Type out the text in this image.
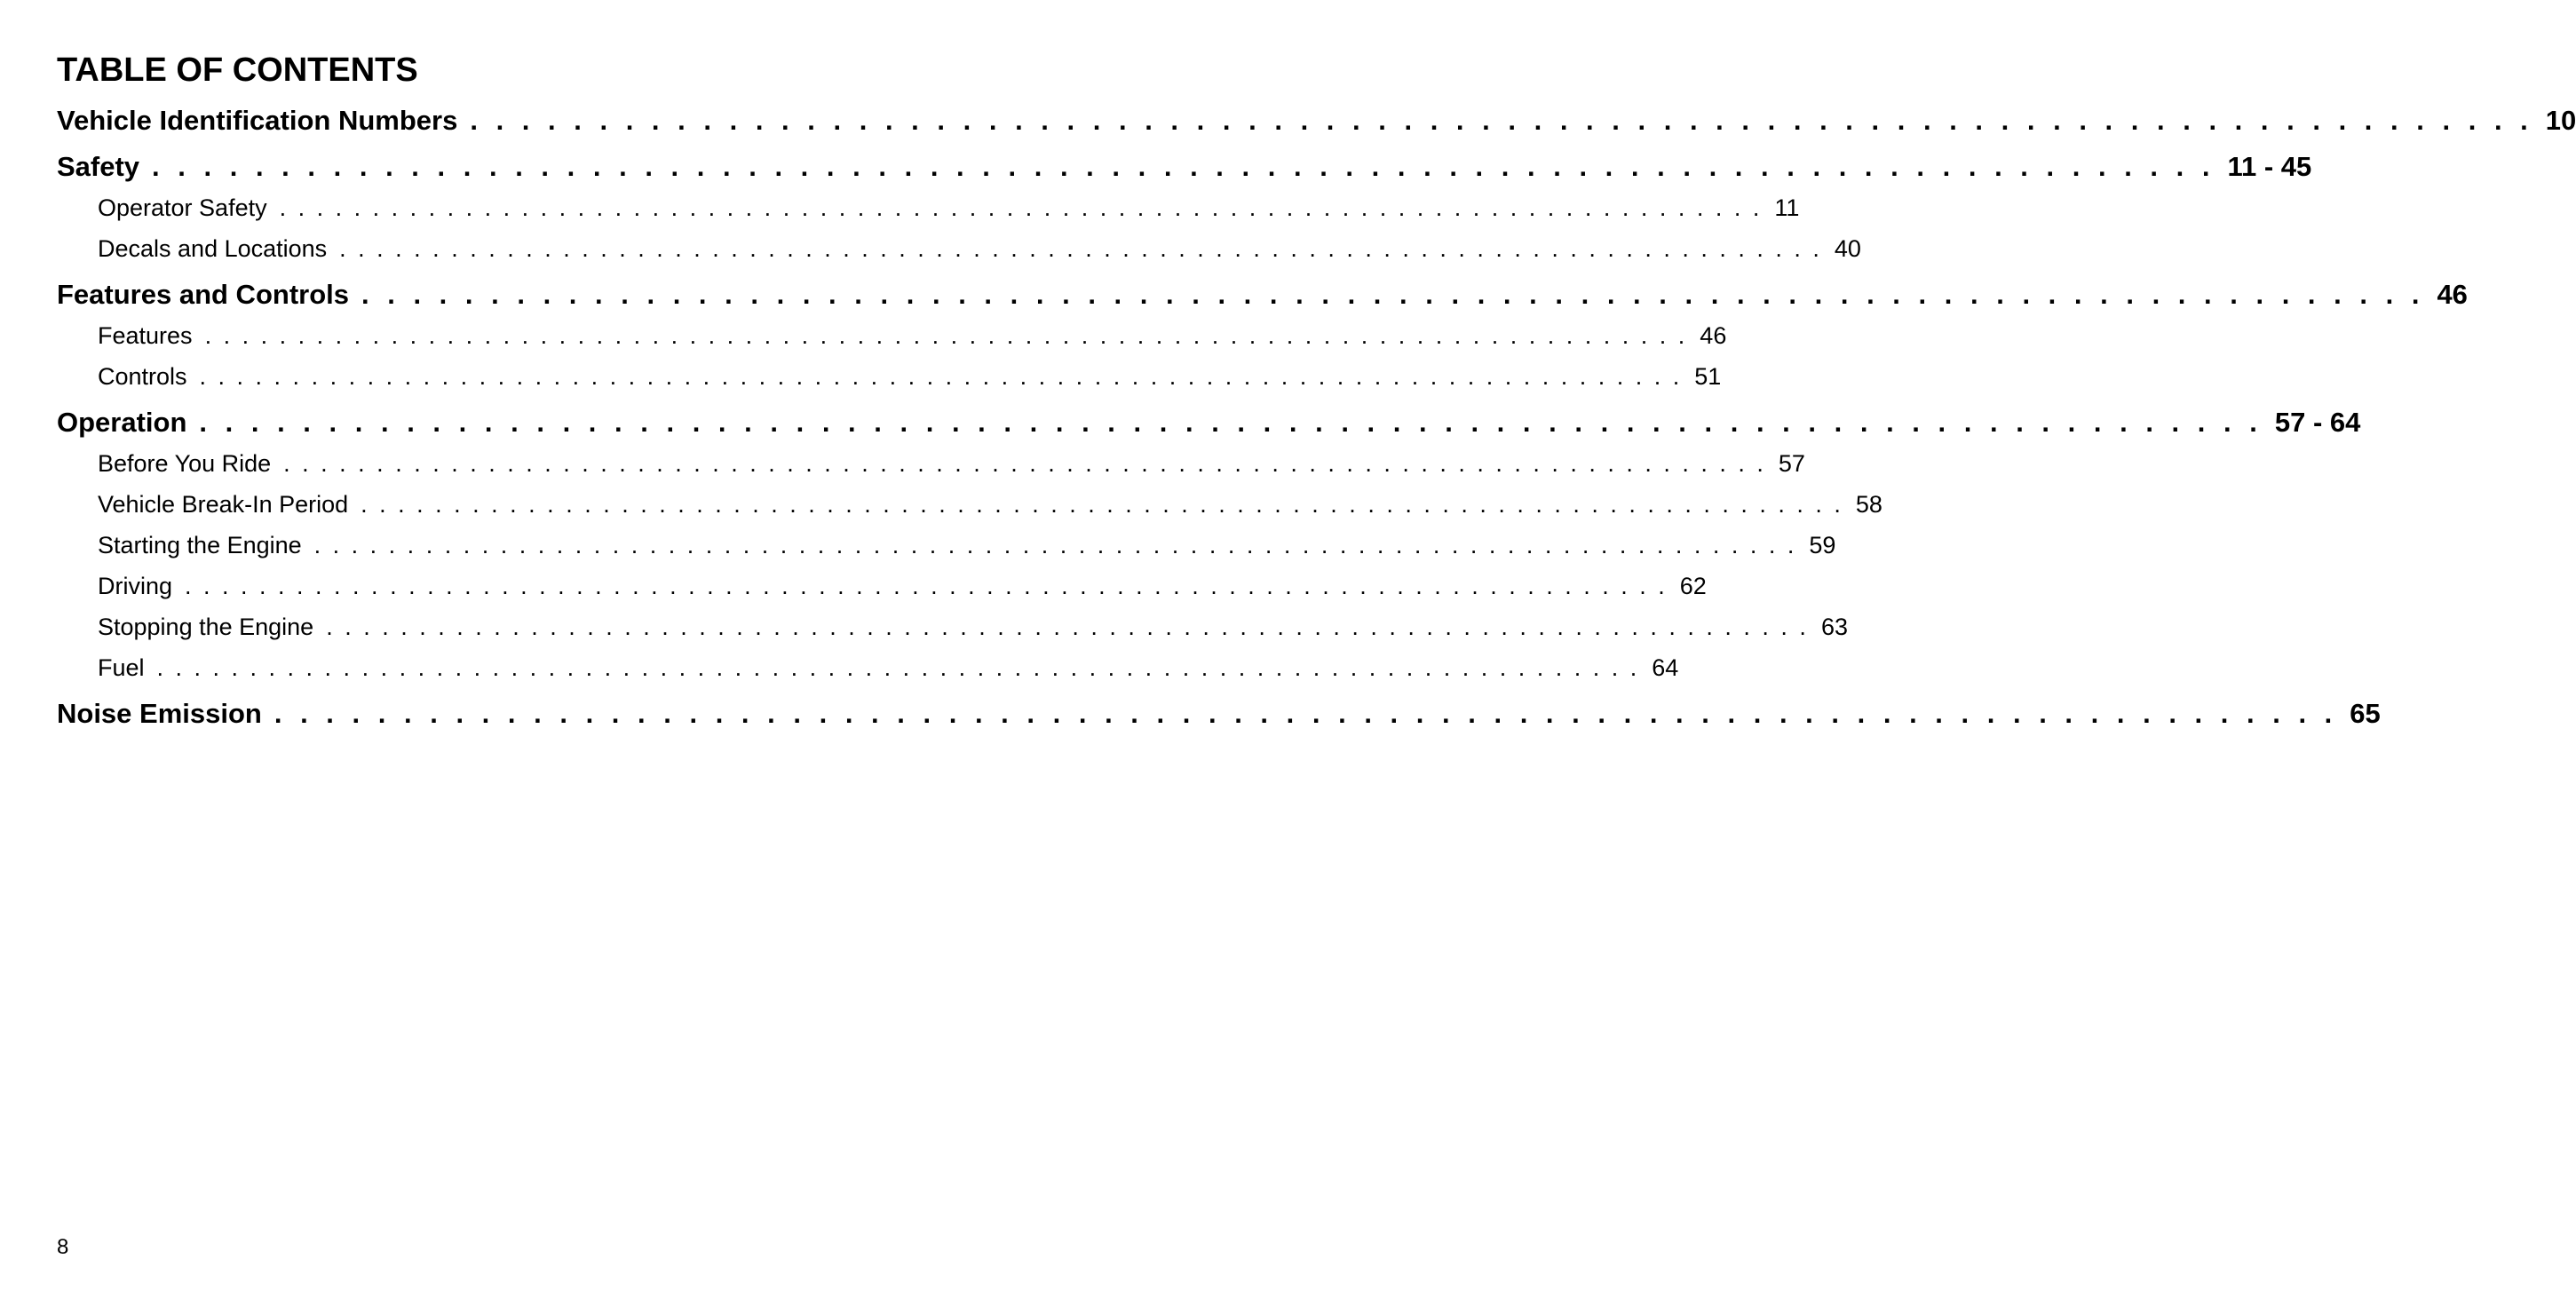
TABLE OF CONTENTS
Vehicle Identification Numbers . . . . . . . . . . . . . . . . . . . . . . . . . . . . . . . . . . . . . . . . . . . . . . . . . . . . . . . . . . . . . . . . . . . . . . . . . . . . . . . . 10
Safety . . . . . . . . . . . . . . . . . . . . . . . . . . . . . . . . . . . . . . . . . . . . . . . . . . . . . . . . . . . . . . . . . . . . . . . . . . . . . . . . 11 - 45
Operator Safety . . . . . . . . . . . . . . . . . . . . . . . . . . . . . . . . . . . . . . . . . . . . . . . . . . . . . . . . . . . . . . . . . . . . . . . . . . . . . . . . 11
Decals and Locations . . . . . . . . . . . . . . . . . . . . . . . . . . . . . . . . . . . . . . . . . . . . . . . . . . . . . . . . . . . . . . . . . . . . . . . . . . . . . . . . 40
Features and Controls . . . . . . . . . . . . . . . . . . . . . . . . . . . . . . . . . . . . . . . . . . . . . . . . . . . . . . . . . . . . . . . . . . . . . . . . . . . . . . . . 46
Features . . . . . . . . . . . . . . . . . . . . . . . . . . . . . . . . . . . . . . . . . . . . . . . . . . . . . . . . . . . . . . . . . . . . . . . . . . . . . . . . 46
Controls . . . . . . . . . . . . . . . . . . . . . . . . . . . . . . . . . . . . . . . . . . . . . . . . . . . . . . . . . . . . . . . . . . . . . . . . . . . . . . . . 51
Operation . . . . . . . . . . . . . . . . . . . . . . . . . . . . . . . . . . . . . . . . . . . . . . . . . . . . . . . . . . . . . . . . . . . . . . . . . . . . . . . . 57 - 64
Before You Ride . . . . . . . . . . . . . . . . . . . . . . . . . . . . . . . . . . . . . . . . . . . . . . . . . . . . . . . . . . . . . . . . . . . . . . . . . . . . . . . . 57
Vehicle Break-In Period . . . . . . . . . . . . . . . . . . . . . . . . . . . . . . . . . . . . . . . . . . . . . . . . . . . . . . . . . . . . . . . . . . . . . . . . . . . . . . . . 58
Starting the Engine . . . . . . . . . . . . . . . . . . . . . . . . . . . . . . . . . . . . . . . . . . . . . . . . . . . . . . . . . . . . . . . . . . . . . . . . . . . . . . . . 59
Driving . . . . . . . . . . . . . . . . . . . . . . . . . . . . . . . . . . . . . . . . . . . . . . . . . . . . . . . . . . . . . . . . . . . . . . . . . . . . . . . . 62
Stopping the Engine . . . . . . . . . . . . . . . . . . . . . . . . . . . . . . . . . . . . . . . . . . . . . . . . . . . . . . . . . . . . . . . . . . . . . . . . . . . . . . . . 63
Fuel . . . . . . . . . . . . . . . . . . . . . . . . . . . . . . . . . . . . . . . . . . . . . . . . . . . . . . . . . . . . . . . . . . . . . . . . . . . . . . . . 64
Noise Emission . . . . . . . . . . . . . . . . . . . . . . . . . . . . . . . . . . . . . . . . . . . . . . . . . . . . . . . . . . . . . . . . . . . . . . . . . . . . . . . . 65
8
